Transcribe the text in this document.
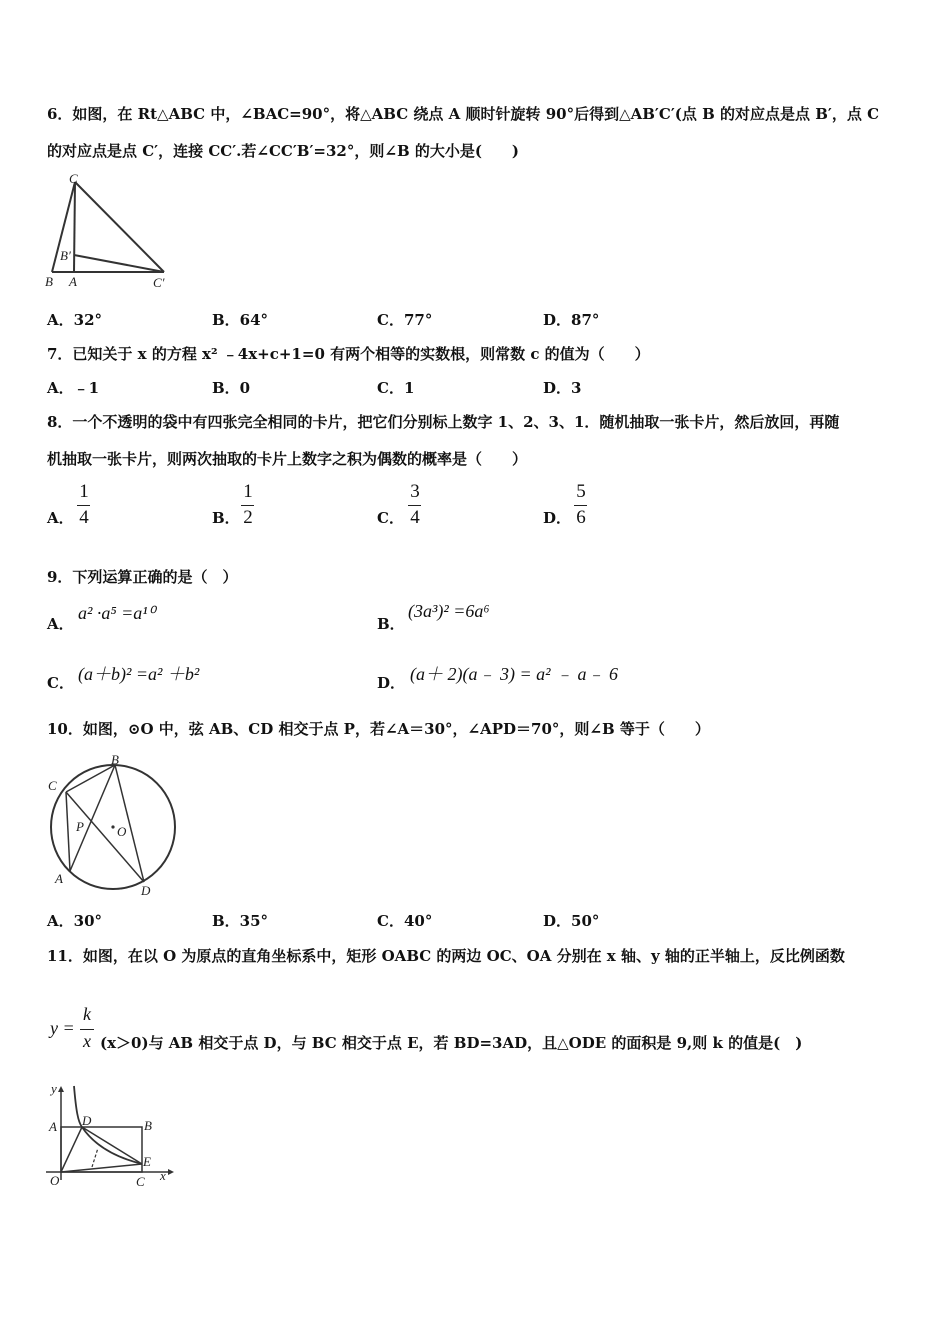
6．如图，在 Rt△ABC 中，∠BAC=90°，将△ABC 绕点 A 顺时针旋转 90°后得到△AB′C′(点 B 的对应点是点 B′，点 C
的对应点是点 C′，连接 CC′.若∠CC′B′=32°，则∠B 的大小是(　　)
C
B′
B A	C′
A．32°	B．64°	C．77°	D．87°
7．已知关于 x 的方程 x² ﹣4x+c+1=0 有两个相等的实数根，则常数 c 的值为（　　）
A．﹣1	B．0	C．1	D．3
8．一个不透明的袋中有四张完全相同的卡片，把它们分别标上数字 1、2、3、1．随机抽取一张卡片，然后放回，再随
机抽取一张卡片，则两次抽取的卡片上数字之积为偶数的概率是（　　）
A．
1
4	B．
1
2	C．
3
4	D．
5
6
9．下列运算正确的是（　）
A．
a² ·a⁵ =a¹⁰
B．
(3a³)² =6a⁶
C． (a＋b)² =a² ＋b²	D． (a＋ 2)(a﹣ 3) = a² ﹣ a﹣ 6
10．如图，⊙O 中，弦 AB、CD 相交于点 P，若∠A＝30°，∠APD＝70°，则∠B 等于（　　）
B
C
P	O
A
D
A．30°	B．35°	C．40°	D．50°
11．如图，在以 O 为原点的直角坐标系中，矩形 OABC 的两边 OC、OA 分别在 x 轴、y 轴的正半轴上，反比例函数
y =
k
x (x＞0)与 AB 相交于点 D，与 BC 相交于点 E，若 BD=3AD，且△ODE 的面积是 9,则 k 的值是(　)
y
A D	B
E
O	C x
